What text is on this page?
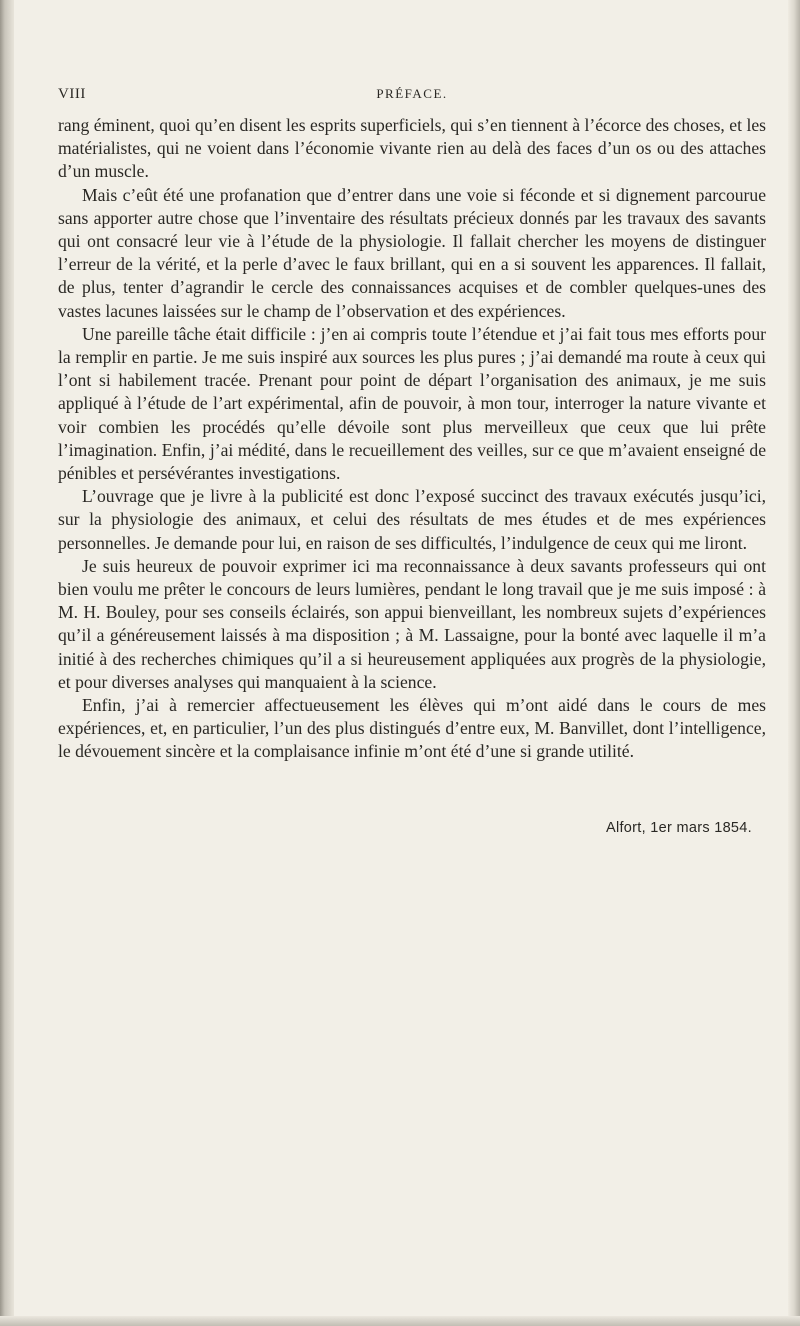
VIII	PRÉFACE.

rang éminent, quoi qu’en disent les esprits superficiels, qui s’en tiennent à l’écorce des choses, et les matérialistes, qui ne voient dans l’économie vivante rien au delà des faces d’un os ou des attaches d’un muscle.

Mais c’eût été une profanation que d’entrer dans une voie si féconde et si dignement parcourue sans apporter autre chose que l’inventaire des résultats précieux donnés par les travaux des savants qui ont consacré leur vie à l’étude de la physiologie. Il fallait chercher les moyens de distinguer l’erreur de la vérité, et la perle d’avec le faux brillant, qui en a si souvent les apparences. Il fallait, de plus, tenter d’agrandir le cercle des connaissances acquises et de combler quelques-unes des vastes lacunes laissées sur le champ de l’observation et des expériences.

Une pareille tâche était difficile : j’en ai compris toute l’étendue et j’ai fait tous mes efforts pour la remplir en partie. Je me suis inspiré aux sources les plus pures ; j’ai demandé ma route à ceux qui l’ont si habilement tracée. Prenant pour point de départ l’organisation des animaux, je me suis appliqué à l’étude de l’art expérimental, afin de pouvoir, à mon tour, interroger la nature vivante et voir combien les procédés qu’elle dévoile sont plus merveilleux que ceux que lui prête l’imagination. Enfin, j’ai médité, dans le recueillement des veilles, sur ce que m’avaient enseigné de pénibles et persévérantes investigations.

L’ouvrage que je livre à la publicité est donc l’exposé succinct des travaux exécutés jusqu’ici, sur la physiologie des animaux, et celui des résultats de mes études et de mes expériences personnelles. Je demande pour lui, en raison de ses difficultés, l’indulgence de ceux qui me liront.

Je suis heureux de pouvoir exprimer ici ma reconnaissance à deux savants professeurs qui ont bien voulu me prêter le concours de leurs lumières, pendant le long travail que je me suis imposé : à M. H. Bouley, pour ses conseils éclairés, son appui bienveillant, les nombreux sujets d’expériences qu’il a généreusement laissés à ma disposition ; à M. Lassaigne, pour la bonté avec laquelle il m’a initié à des recherches chimiques qu’il a si heureusement appliquées aux progrès de la physiologie, et pour diverses analyses qui manquaient à la science.

Enfin, j’ai à remercier affectueusement les élèves qui m’ont aidé dans le cours de mes expériences, et, en particulier, l’un des plus distingués d’entre eux, M. Banvillet, dont l’intelligence, le dévouement sincère et la complaisance infinie m’ont été d’une si grande utilité.

Alfort, 1er mars 1854.
